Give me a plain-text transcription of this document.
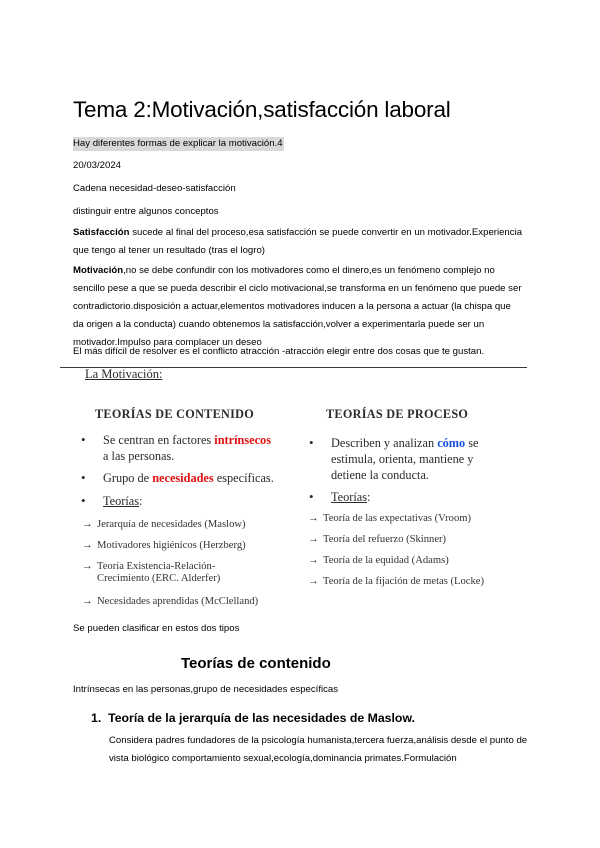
Tema 2:Motivación,satisfacción laboral
Hay diferentes formas de explicar la motivación.4
20/03/2024
Cadena necesidad-deseo-satisfacción
distinguir entre algunos conceptos

Satisfacción sucede al final del proceso,esa satisfacción se puede convertir en un motivador.Experiencia que tengo al tener un resultado (tras el logro)

Motivación,no se debe confundir con los motivadores como el dinero,es un fenómeno complejo no sencillo pese a que se pueda describir el ciclo motivacional,se transforma en un fenómeno que puede ser contradictorio.disposición a actuar,elementos motivadores inducen a la persona a actuar (la chispa que da origen a la conducta) cuando obtenemos la satisfacción,volver a experimentarla puede ser un motivador.Impulso para complacer un deseo

El más difícil de resolver es el conflicto atracción -atracción elegir entre dos cosas que te gustan.
La Motivación:
TEORÍAS DE CONTENIDO
• Se centran en factores intrínsecos
a las personas.
• Grupo de necesidades específicas.
• Teorías:
→ Jerarquía de necesidades (Maslow)
→ Motivadores higiénicos (Herzberg)
→ Teoría Existencia-Relación-
Crecimiento (ERC. Alderfer)
→ Necesidades aprendidas (McClelland)
TEORÍAS DE PROCESO
• Describen y analizan cómo se
estimula, orienta, mantiene y
detiene la conducta.
• Teorías:
→ Teoría de las expectativas (Vroom)
→ Teoría del refuerzo (Skinner)
→ Teoría de la equidad (Adams)
→ Teoría de la fijación de metas (Locke)
Se pueden clasificar en estos dos tipos
Teorías de contenido
Intrínsecas en las personas,grupo de necesidades específicas
1. Teoría de la jerarquía de las necesidades de Maslow.

Considera padres fundadores de la psicología humanista,tercera fuerza,análisis desde el punto de vista biológico comportamiento sexual,ecología,dominancia primates.Formulación
